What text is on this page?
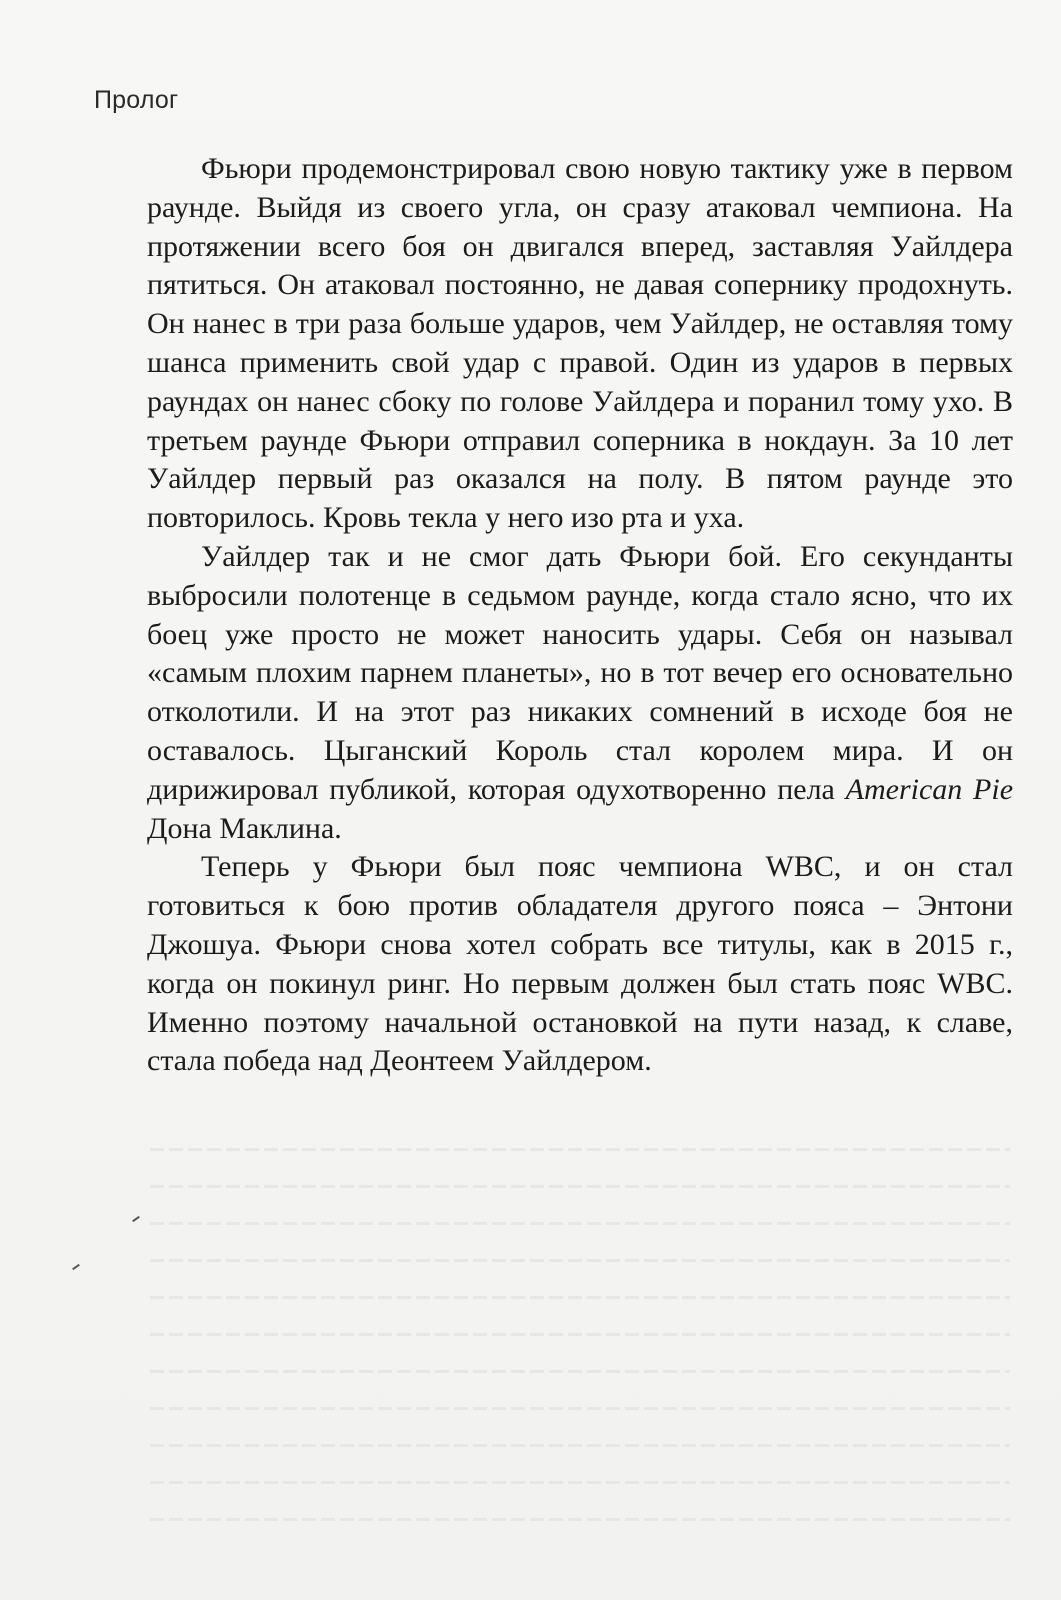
Пролог

Фьюри продемонстрировал свою новую тактику уже в первом раунде. Выйдя из своего угла, он сразу атаковал чемпиона. На протяжении всего боя он двигался вперед, заставляя Уайлдера пятиться. Он атаковал постоянно, не давая сопернику продохнуть. Он нанес в три раза больше ударов, чем Уайлдер, не оставляя тому шанса применить свой удар с правой. Один из ударов в первых раундах он нанес сбоку по голове Уайлдера и поранил тому ухо. В третьем раунде Фьюри отправил соперника в нокдаун. За 10 лет Уайлдер первый раз оказался на полу. В пятом раунде это повторилось. Кровь текла у него изо рта и уха.

Уайлдер так и не смог дать Фьюри бой. Его секунданты выбросили полотенце в седьмом раунде, когда стало ясно, что их боец уже просто не может наносить удары. Себя он называл «самым плохим парнем планеты», но в тот вечер его основательно отколотили. И на этот раз никаких сомнений в исходе боя не оставалось. Цыганский Король стал королем мира. И он дирижировал публикой, которая одухотворенно пела American Pie Дона Маклина.

Теперь у Фьюри был пояс чемпиона WBC, и он стал готовиться к бою против обладателя другого пояса – Энтони Джошуа. Фьюри снова хотел собрать все титулы, как в 2015 г., когда он покинул ринг. Но первым должен был стать пояс WBC. Именно поэтому начальной остановкой на пути назад, к славе, стала победа над Деонтеем Уайлдером.
